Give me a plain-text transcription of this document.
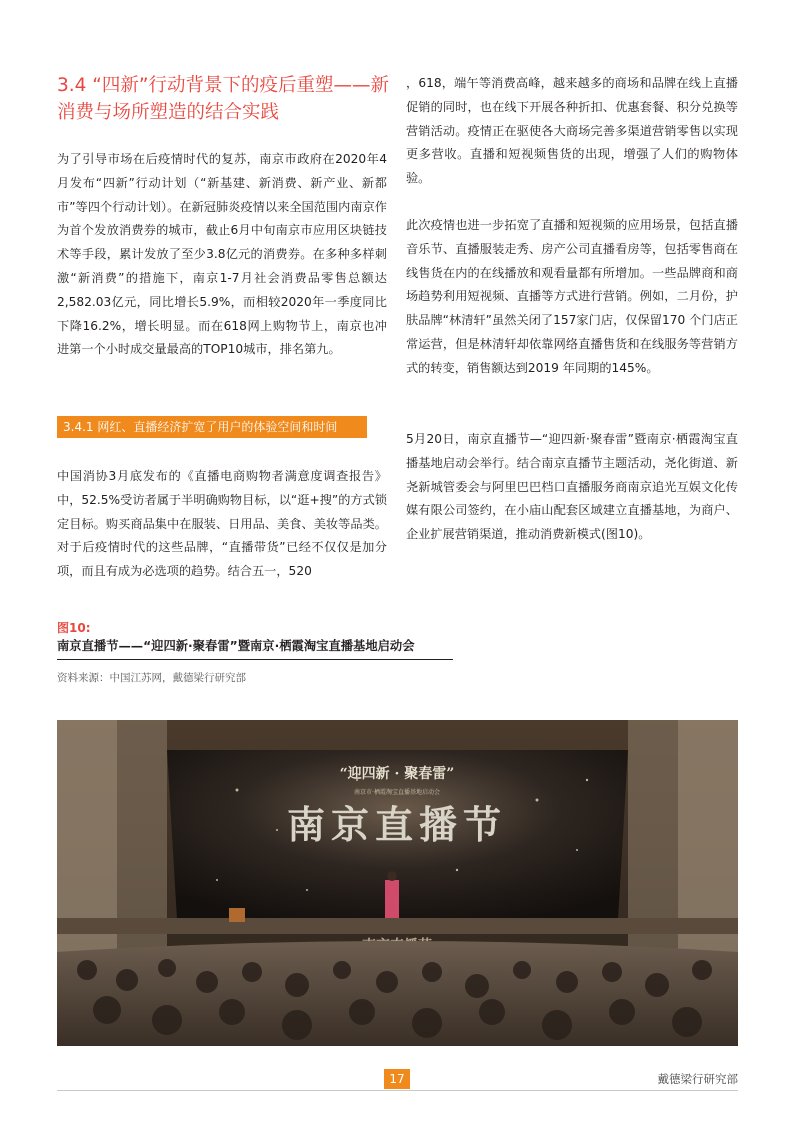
3.4 “四新”行动背景下的疫后重塑——新消费与场所塑造的结合实践

为了引导市场在后疫情时代的复苏，南京市政府在2020年4月发布“四新”行动计划（“新基建、新消费、新产业、新都市”等四个行动计划）。在新冠肺炎疫情以来全国范围内南京作为首个发放消费券的城市，截止6月中旬南京市应用区块链技术等手段，累计发放了至少3.8亿元的消费券。在多种多样刺激“新消费”的措施下，南京1-7月社会消费品零售总额达2,582.03亿元，同比增长5.9%，而相较2020年一季度同比下降16.2%，增长明显。而在618网上购物节上，南京也冲进第一个小时成交量最高的TOP10城市，排名第九。

3.4.1 网红、直播经济扩宽了用户的体验空间和时间

中国消协3月底发布的《直播电商购物者满意度调查报告》中，52.5%受访者属于半明确购物目标，以“逛+搜”的方式锁定目标。购买商品集中在服装、日用品、美食、美妆等品类。对于后疫情时代的这些品牌，“直播带货”已经不仅仅是加分项，而且有成为必选项的趋势。结合五一，520

，618，端午等消费高峰，越来越多的商场和品牌在线上直播促销的同时，也在线下开展各种折扣、优惠套餐、积分兑换等营销活动。疫情正在驱使各大商场完善多渠道营销零售以实现更多营收。直播和短视频售货的出现，增强了人们的购物体验。

此次疫情也进一步拓宽了直播和短视频的应用场景，包括直播音乐节、直播服装走秀、房产公司直播看房等，包括零售商在线售货在内的在线播放和观看量都有所增加。一些品牌商和商场趋势利用短视频、直播等方式进行营销。例如，二月份，护肤品牌“林清轩”虽然关闭了157家门店，仅保留170 个门店正常运营，但是林清轩却依靠网络直播售货和在线服务等营销方式的转变，销售额达到2019 年同期的145%。

5月20日，南京直播节—“迎四新·聚春雷”暨南京·栖霞淘宝直播基地启动会举行。结合南京直播节主题活动，尧化街道、新尧新城管委会与阿里巴巴档口直播服务商南京追光互娱文化传媒有限公司签约，在小庙山配套区域建立直播基地，为商户、企业扩展营销渠道，推动消费新模式(图10)。

图10:
南京直播节——“迎四新·聚春雷”暨南京·栖霞淘宝直播基地启动会
资料来源：中国江苏网，戴德梁行研究部
“迎四新 · 聚春雷”
南京市·栖霞淘宝直播基地启动会
南京直播节
17	戴德梁行研究部
